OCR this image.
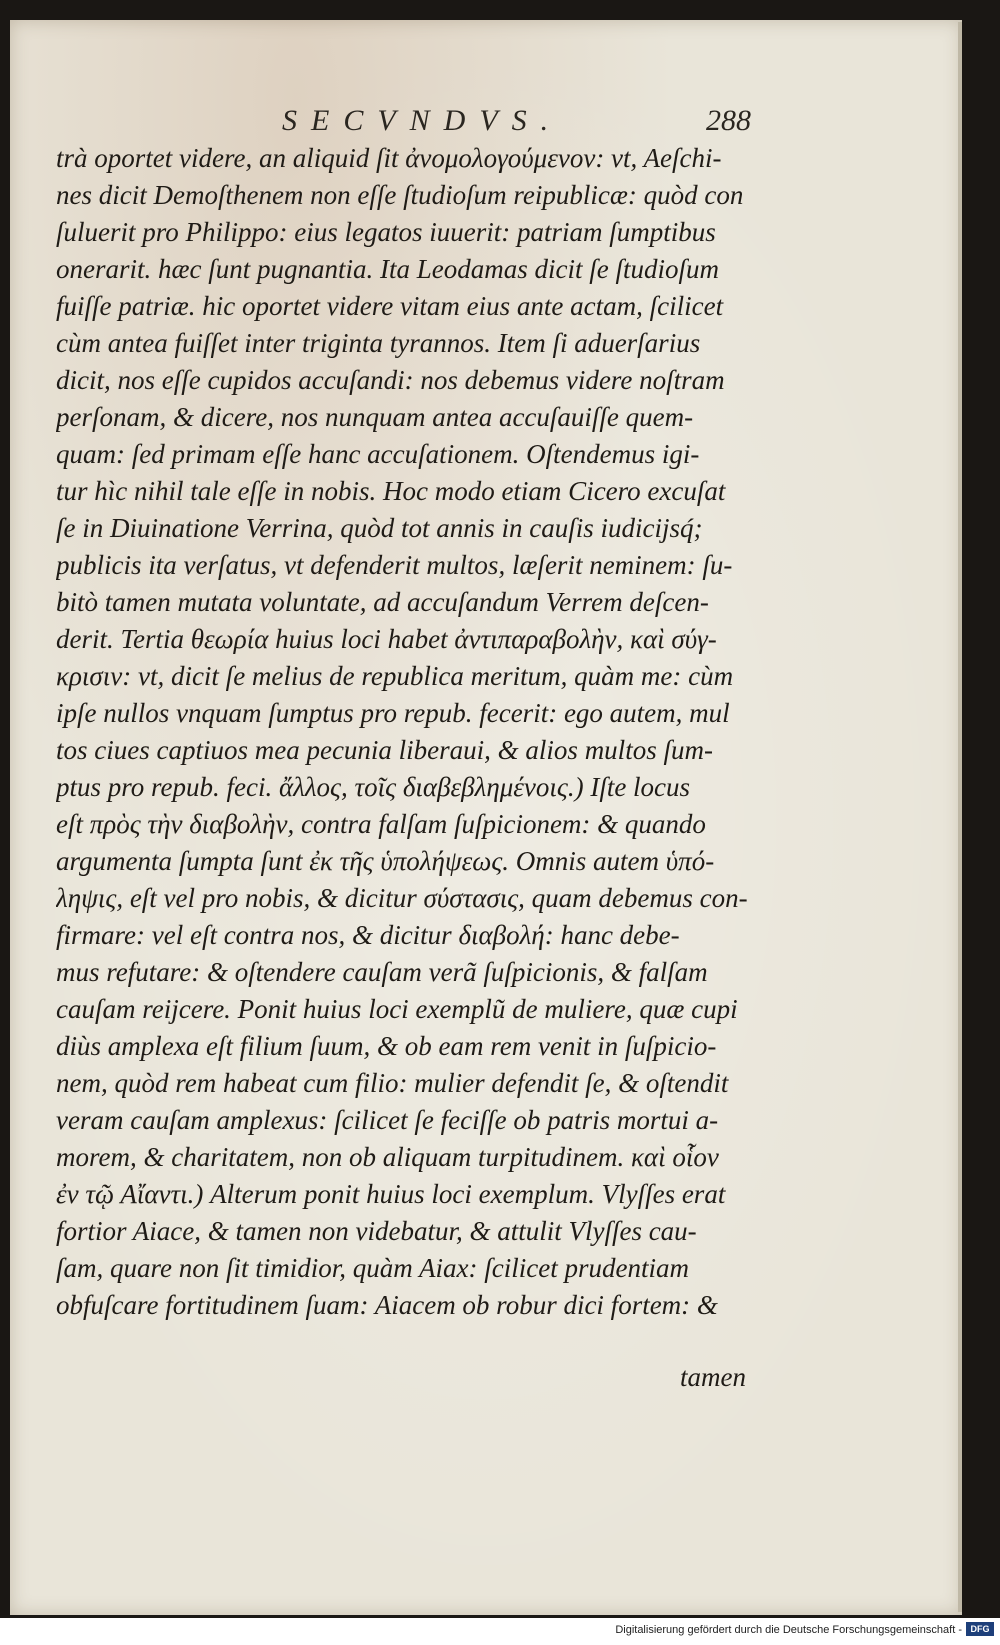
SECVNDVS.	288
trà oportet videre, an aliquid ſit ἀνομολογούμενον: vt, Aeſchi-
nes dicit Demoſthenem non eſſe ſtudioſum reipublicæ: quòd con
ſuluerit pro Philippo: eius legatos iuuerit: patriam ſumptibus
onerarit. hæc ſunt pugnantia. Ita Leodamas dicit ſe ſtudioſum
fuiſſe patriæ. hic oportet videre vitam eius ante actam, ſcilicet
cùm antea fuiſſet inter triginta tyrannos. Item ſi aduerſarius
dicit, nos eſſe cupidos accuſandi: nos debemus videre noſtram
perſonam, & dicere, nos nunquam antea accuſauiſſe quem-
quam: ſed primam eſſe hanc accuſationem. Oſtendemus igi-
tur hìc nihil tale eſſe in nobis. Hoc modo etiam Cicero excuſat
ſe in Diuinatione Verrina, quòd tot annis in cauſis iudicijsq́;
publicis ita verſatus, vt defenderit multos, læſerit neminem: ſu-
bitò tamen mutata voluntate, ad accuſandum Verrem deſcen-
derit. Tertia θεωρία huius loci habet ἀντιπαραβολὴν, καὶ σύγ-
κρισιν: vt, dicit ſe melius de republica meritum, quàm me: cùm
ipſe nullos vnquam ſumptus pro repub. fecerit: ego autem, mul
tos ciues captiuos mea pecunia liberaui, & alios multos ſum-
ptus pro repub. feci. ἄλλος, τοῖς διαβεβλημένοις.) Iſte locus
eſt πρὸς τὴν διαβολὴν, contra falſam ſuſpicionem: & quando
argumenta ſumpta ſunt ἐκ τῆς ὑπολήψεως. Omnis autem ὑπό-
ληψις, eſt vel pro nobis, & dicitur σύστασις, quam debemus con-
firmare: vel eſt contra nos, & dicitur διαβολή: hanc debe-
mus refutare: & oſtendere cauſam verã ſuſpicionis, & falſam
cauſam reijcere. Ponit huius loci exemplũ de muliere, quæ cupi
diùs amplexa eſt filium ſuum, & ob eam rem venit in ſuſpicio-
nem, quòd rem habeat cum filio: mulier defendit ſe, & oſtendit
veram cauſam amplexus: ſcilicet ſe feciſſe ob patris mortui a-
morem, & charitatem, non ob aliquam turpitudinem. καὶ οἷον
ἐν τῷ Αἴαντι.) Alterum ponit huius loci exemplum. Vlyſſes erat
fortior Aiace, & tamen non videbatur, & attulit Vlyſſes cau-
ſam, quare non ſit timidior, quàm Aiax: ſcilicet prudentiam
obfuſcare fortitudinem ſuam: Aiacem ob robur dici fortem: &
tamen
Digitalisierung gefördert durch die Deutsche Forschungsgemeinschaft - DFG
